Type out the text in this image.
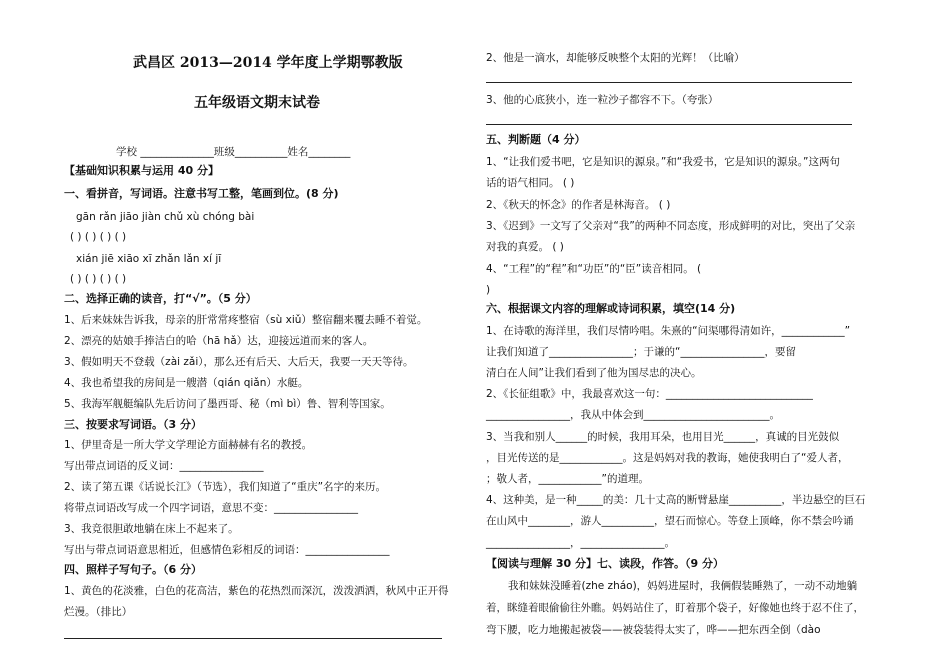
武昌区 2013—2014 学年度上学期鄂教版
五年级语文期末试卷
学校 ______________班级__________姓名________
【基础知识积累与运用 40 分】
一、看拼音，写词语。注意书写工整，笔画到位。(8 分)
gān rǎn jiāo jiàn chǔ xù chóng bài
( ) ( ) ( ) ( )
xián jiē xiāo xī zhǎn lǎn xí jī
( ) ( ) ( ) ( )
二、选择正确的读音，打“√”。（5 分）
1、后来妹妹告诉我，母亲的肝常常疼整宿（sù xiǔ）整宿翻来覆去睡不着觉。
2、漂亮的姑娘手捧洁白的哈（hā hǎ）达，迎接远道而来的客人。
3、假如明天不登载（zài zǎi），那么还有后天、大后天，我要一天天等待。
4、我也希望我的房间是一艘潜（qián qiǎn）水艇。
5、我海军舰艇编队先后访问了墨西哥、秘（mì bì）鲁、智利等国家。
三、按要求写词语。（3 分）
1、伊里奇是一所大学文学理论方面赫赫有名的教授。
写出带点词语的反义词：________________
2、读了第五课《话说长江》（节选），我们知道了“重庆”名字的来历。
将带点词语改写成一个四字词语，意思不变：________________
3、我竞很胆敢地躺在床上不起来了。
写出与带点词语意思相近，但感情色彩相反的词语：________________
四、照样子写句子。（6 分）
1、黄色的花淡雅，白色的花高洁，紫色的花热烈而深沉，泼泼洒洒，秋风中正开得
烂漫。（排比）
2、他是一滴水，却能够反映整个太阳的光辉！（比喻）
3、他的心底狭小，连一粒沙子都容不下。（夸张）
五、判断题（4 分）
1、“让我们爱书吧，它是知识的源泉。”和“我爱书，它是知识的源泉。”这两句
话的语气相同。 ( )
2、《秋天的怀念》的作者是林海音。 ( )
3、《迟到》一文写了父亲对“我”的两种不同态度，形成鲜明的对比，突出了父亲
对我的真爱。 ( )
4、“工程”的“程”和“功臣”的“臣”读音相同。 (
)
六、根据课文内容的理解或诗词积累，填空(14 分)
1、在诗歌的海洋里，我们尽情吟唱。朱熹的“问渠哪得清如许，____________”
让我们知道了________________；于谦的“________________，要留
清白在人间”让我们看到了他为国尽忠的决心。
2、《长征组歌》中，我最喜欢这一句：____________________________
________________，我从中体会到________________________。
3、当我和别人______的时候，我用耳朵，也用目光______，真诚的目光鼓似
，目光传送的是____________。这是妈妈对我的教诲，她使我明白了“爱人者，
；敬人者，____________”的道理。
4、这种美，是一种_____的美：几十丈高的断臂悬崖__________，半边悬空的巨石
在山风中________，游人__________，望石而惊心。等登上顶峰，你不禁会吟诵
________________，________________。
【阅读与理解 30 分】七、读段，作答。（9 分）
我和妹妹没睡着(zhe zháo)，妈妈进屋时，我俩假装睡熟了，一动不动地躺
着，眯缝着眼偷偷往外瞧。妈妈站住了，盯着那个袋子，好像她也终于忍不住了，
弯下腰，吃力地搬起被袋——被袋装得太实了，哗——把东西全倒（dào
